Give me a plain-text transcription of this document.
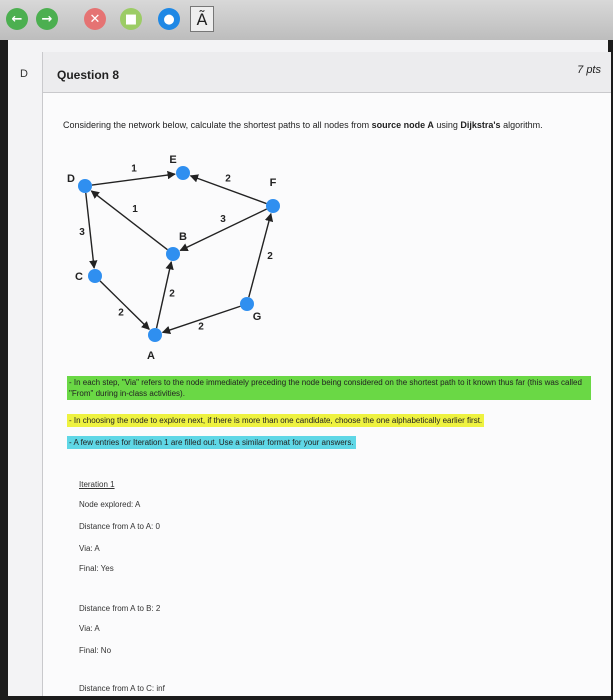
←	→	✕	■	●	Ã
D Question 8	7 pts
Considering the network below, calculate the shortest paths to all nodes from source node A using Dijkstra's algorithm.
1
2
1
3
3
2
2
2
2
D
E
F
B
C
G
A
- In each step, "Via" refers to the node immediately preceding the node being considered on the shortest path to it known thus far (this was called "From" during in-class activities).
- In choosing the node to explore next, if there is more than one candidate, choose the one alphabetically earlier first.
- A few entries for Iteration 1 are filled out. Use a similar format for your answers.
Iteration 1
Node explored: A
Distance from A to A: 0
Via: A
Final: Yes
Distance from A to B: 2
Via: A
Final: No
Distance from A to C: inf
